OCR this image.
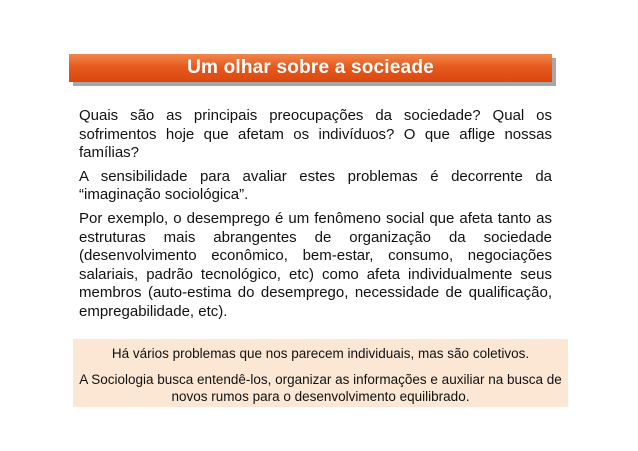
Um olhar sobre a socieade

Quais são as principais preocupações da sociedade? Qual os sofrimentos hoje que afetam os indivíduos? O que aflige nossas famílias?

A sensibilidade para avaliar estes problemas é decorrente da “imaginação sociológica”.

Por exemplo, o desemprego é um fenômeno social que afeta tanto as estruturas mais abrangentes de organização da sociedade (desenvolvimento econômico, bem-estar, consumo, negociações salariais, padrão tecnológico, etc) como afeta individualmente seus membros (auto-estima do desemprego, necessidade de qualificação, empregabilidade, etc).

Há vários problemas que nos parecem individuais, mas são coletivos.
A Sociologia busca entendê-los, organizar as informações e auxiliar na busca de novos rumos para o desenvolvimento equilibrado.
